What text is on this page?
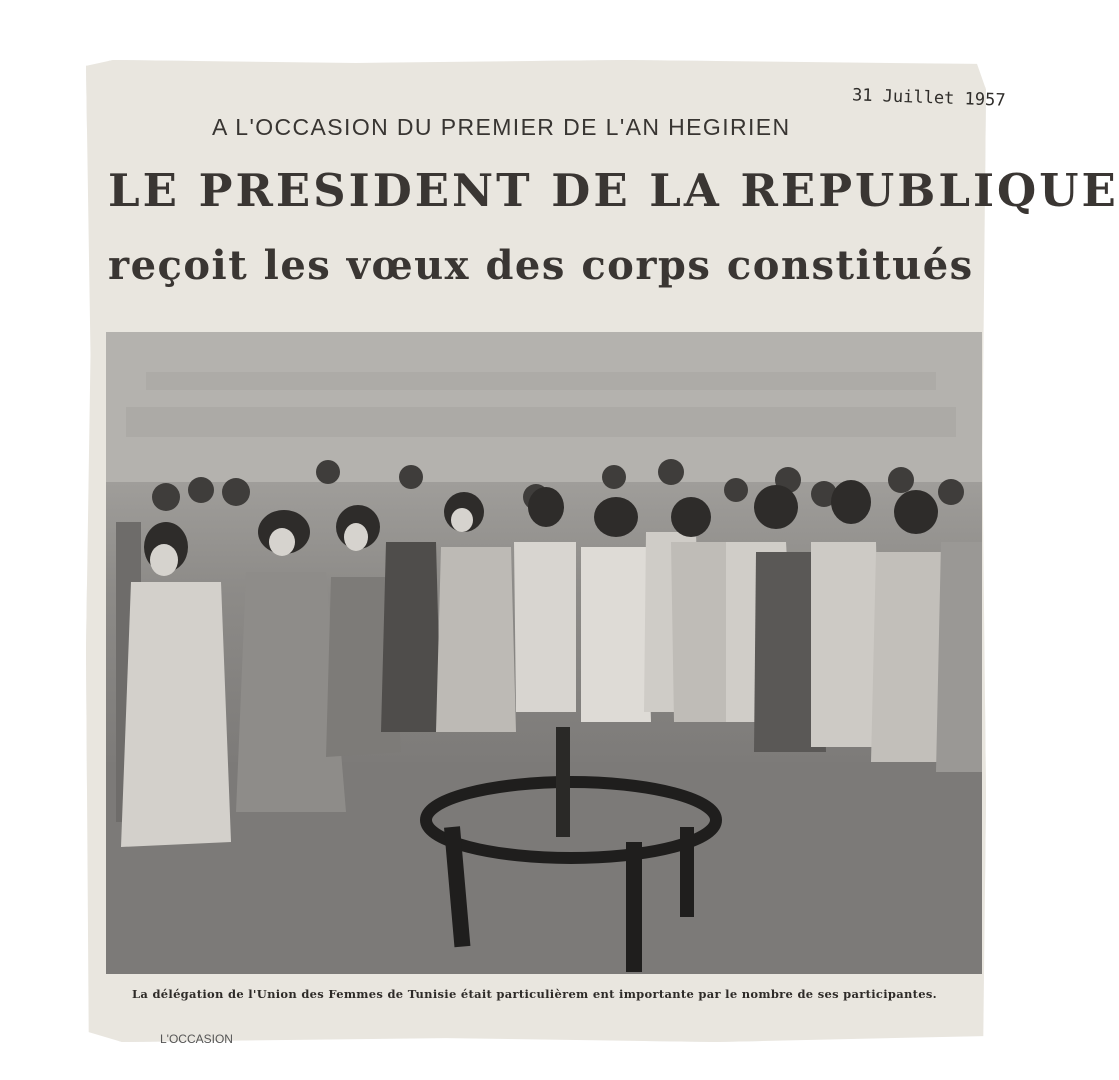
31 Juillet 1957
A L'OCCASION DU PREMIER DE L'AN HEGIRIEN
LE PRESIDENT DE LA REPUBLIQUE
reçoit les vœux des corps constitués
La délégation de l'Union des Femmes de Tunisie était particulièrem ent importante par le nombre de ses participantes.
L'OCCASION
